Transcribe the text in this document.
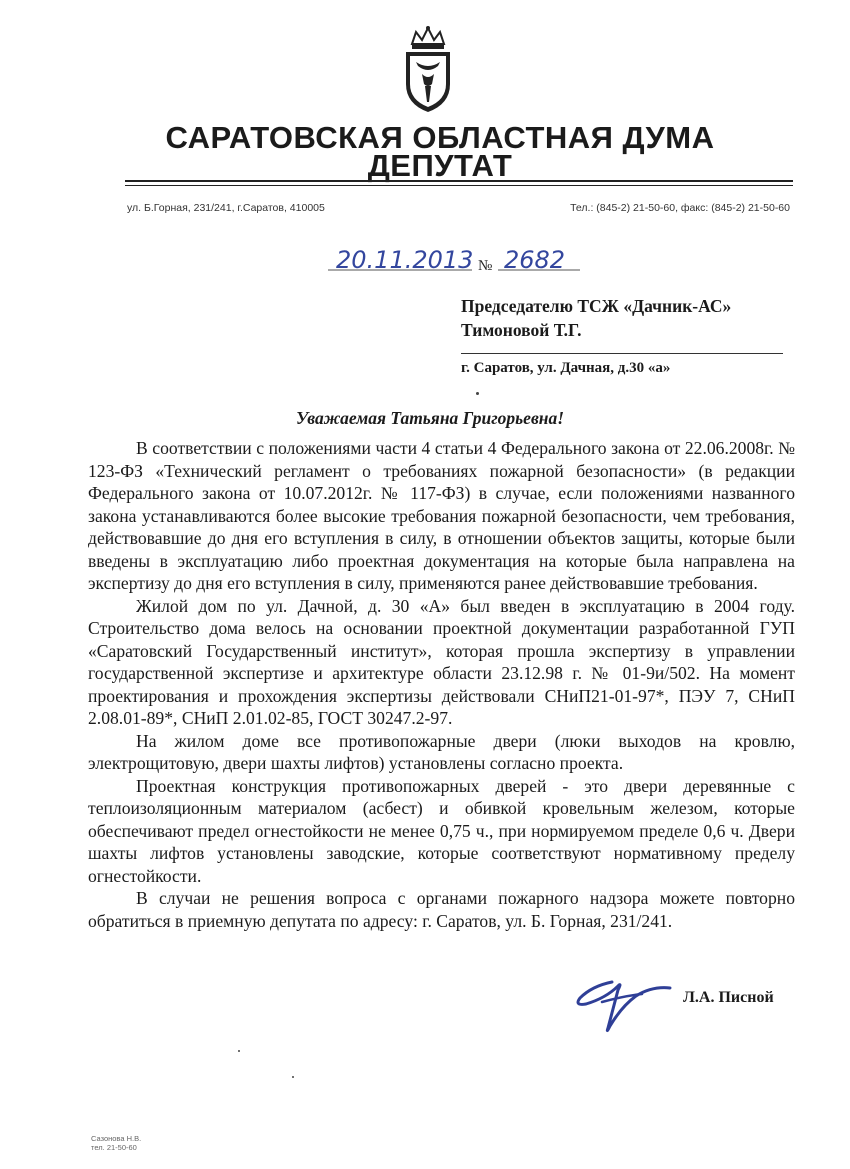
САРАТОВСКАЯ ОБЛАСТНАЯ ДУМА
ДЕПУТАТ
ул. Б.Горная, 231/241, г.Саратов, 410005	Тел.: (845-2) 21-50-60, факс: (845-2) 21-50-60
20.11.2013 № 2682
Председателю ТСЖ «Дачник-АС»
Тимоновой Т.Г.
г. Саратов, ул. Дачная, д.30 «а»
Уважаемая Татьяна Григорьевна!

В соответствии с положениями части 4 статьи 4 Федерального закона от 22.06.2008г. № 123-ФЗ «Технический регламент о требованиях пожарной безопасности» (в редакции Федерального закона от 10.07.2012г. № 117-ФЗ) в случае, если положениями названного закона устанавливаются более высокие требования пожарной безопасности, чем требования, действовавшие до дня его вступления в силу, в отношении объектов защиты, которые были введены в эксплуатацию либо проектная документация на которые была направлена на экспертизу до дня его вступления в силу, применяются ранее действовавшие требования.

Жилой дом по ул. Дачной, д. 30 «А» был введен в эксплуатацию в 2004 году. Строительство дома велось на основании проектной документации разработанной ГУП «Саратовский Государственный институт», которая прошла экспертизу в управлении государственной экспертизе и архитектуре области 23.12.98 г. № 01-9и/502. На момент проектирования и прохождения экспертизы действовали СНиП21-01-97*, ПЭУ 7, СНиП 2.08.01-89*, СНиП 2.01.02-85, ГОСТ 30247.2-97.

На жилом доме все противопожарные двери (люки выходов на кровлю, электрощитовую, двери шахты лифтов) установлены согласно проекта.

Проектная конструкция противопожарных дверей - это двери деревянные с теплоизоляционным материалом (асбест) и обивкой кровельным железом, которые обеспечивают предел огнестойкости не менее 0,75 ч., при нормируемом пределе 0,6 ч. Двери шахты лифтов установлены заводские, которые соответствуют нормативному пределу огнестойкости.

В случаи не решения вопроса с органами пожарного надзора можете повторно обратиться в приемную депутата по адресу: г. Саратов, ул. Б. Горная, 231/241.

Л.А. Писной
Сазонова Н.В.
тел. 21-50-60
